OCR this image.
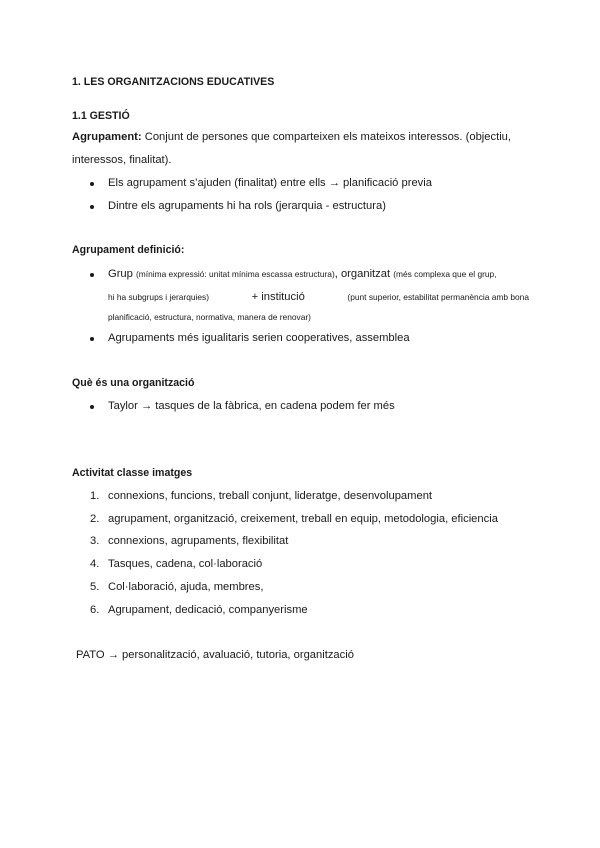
1. LES ORGANITZACIONS EDUCATIVES
1.1 GESTIÓ
Agrupament: Conjunt de persones que comparteixen els mateixos interessos. (objectiu,
interessos, finalitat).
Els agrupament s’ajuden (finalitat) entre ells → planificació previa
Dintre els agrupaments hi ha rols (jerarquia - estructura)
Agrupament definició:
Grup (mínima expressió: unitat mínima escassa estructura), organitzat (més complexa que el grup,
hi ha subgrups i jerarquies)	+ institució	(punt superior, estabilitat permanència amb bona
planificació, estructura, normativa, manera de renovar)
Agrupaments més igualitaris serien cooperatives, assemblea
Què és una organització
Taylor → tasques de la fàbrica, en cadena podem fer més
Activitat classe imatges
1. connexions, funcions, treball conjunt, lideratge, desenvolupament
2. agrupament, organització, creixement, treball en equip, metodologia, eficiencia
3. connexions, agrupaments, flexibilitat
4. Tasques, cadena, col·laboració
5. Col·laboració, ajuda, membres,
6. Agrupament, dedicació, companyerisme
PATO → personalització, avaluació, tutoria, organització
